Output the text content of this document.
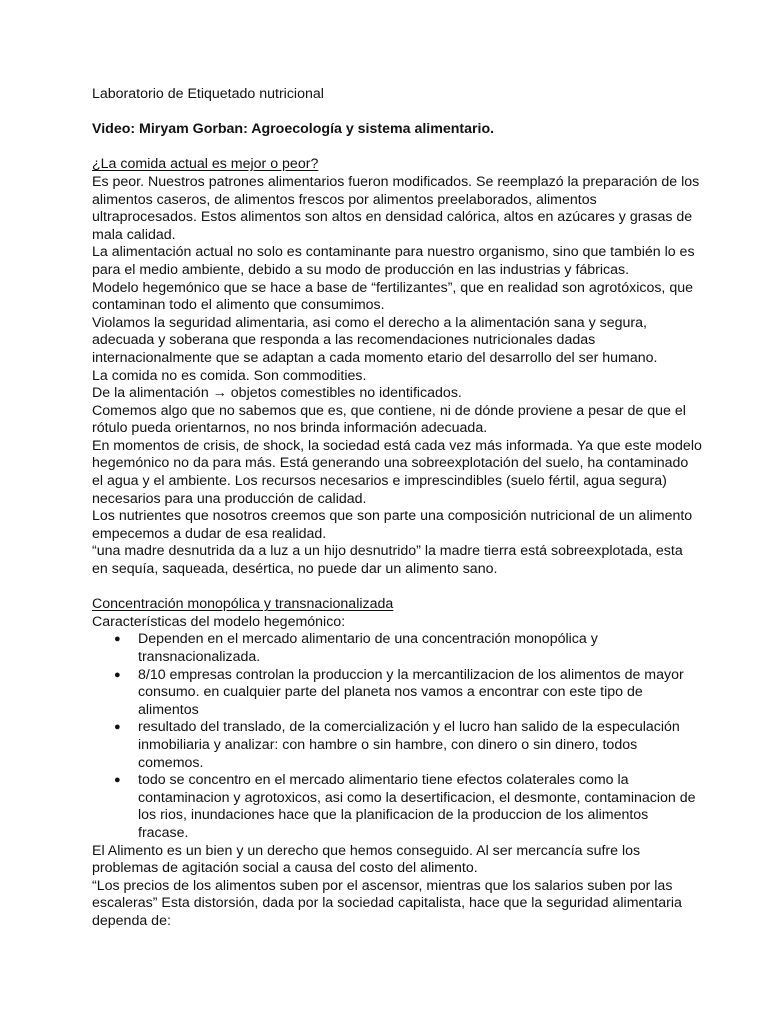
Laboratorio de Etiquetado nutricional

Video: Miryam Gorban: Agroecología y sistema alimentario.

¿La comida actual es mejor o peor?

Es peor. Nuestros patrones alimentarios fueron modificados. Se reemplazó la preparación de los alimentos caseros, de alimentos frescos por alimentos preelaborados, alimentos ultraprocesados. Estos alimentos son altos en densidad calórica, altos en azúcares y grasas de mala calidad.

La alimentación actual no solo es contaminante para nuestro organismo, sino que también lo es para el medio ambiente, debido a su modo de producción en las industrias y fábricas.

Modelo hegemónico que se hace a base de “fertilizantes”, que en realidad son agrotóxicos, que contaminan todo el alimento que consumimos.

Violamos la seguridad alimentaria, asi como el derecho a la alimentación sana y segura, adecuada y soberana que responda a las recomendaciones nutricionales dadas internacionalmente que se adaptan a cada momento etario del desarrollo del ser humano.

La comida no es comida. Son commodities.

De la alimentación → objetos comestibles no identificados.

Comemos algo que no sabemos que es, que contiene, ni de dónde proviene a pesar de que el rótulo pueda orientarnos, no nos brinda información adecuada.

En momentos de crisis, de shock, la sociedad está cada vez más informada. Ya que este modelo hegemónico no da para más. Está generando una sobreexplotación del suelo, ha contaminado el agua y el ambiente. Los recursos necesarios e imprescindibles (suelo fértil, agua segura) necesarios para una producción de calidad.

Los nutrientes que nosotros creemos que son parte una composición nutricional de un alimento empecemos a dudar de esa realidad.

“una madre desnutrida da a luz a un hijo desnutrido” la madre tierra está sobreexplotada, esta en sequía, saqueada, desértica, no puede dar un alimento sano.

Concentración monopólica y transnacionalizada

Características del modelo hegemónico:

● Dependen en el mercado alimentario de una concentración monopólica y transnacionalizada.
● 8/10 empresas controlan la produccion y la mercantilizacion de los alimentos de mayor consumo. en cualquier parte del planeta nos vamos a encontrar con este tipo de alimentos
● resultado del translado, de la comercialización y el lucro han salido de la especulación inmobiliaria y analizar: con hambre o sin hambre, con dinero o sin dinero, todos comemos.
● todo se concentro en el mercado alimentario tiene efectos colaterales como la contaminacion y agrotoxicos, asi como la desertificacion, el desmonte, contaminacion de los rios, inundaciones hace que la planificacion de la produccion de los alimentos fracase.

El Alimento es un bien y un derecho que hemos conseguido. Al ser mercancía sufre los problemas de agitación social a causa del costo del alimento.

“Los precios de los alimentos suben por el ascensor, mientras que los salarios suben por las escaleras” Esta distorsión, dada por la sociedad capitalista, hace que la seguridad alimentaria dependa de:
